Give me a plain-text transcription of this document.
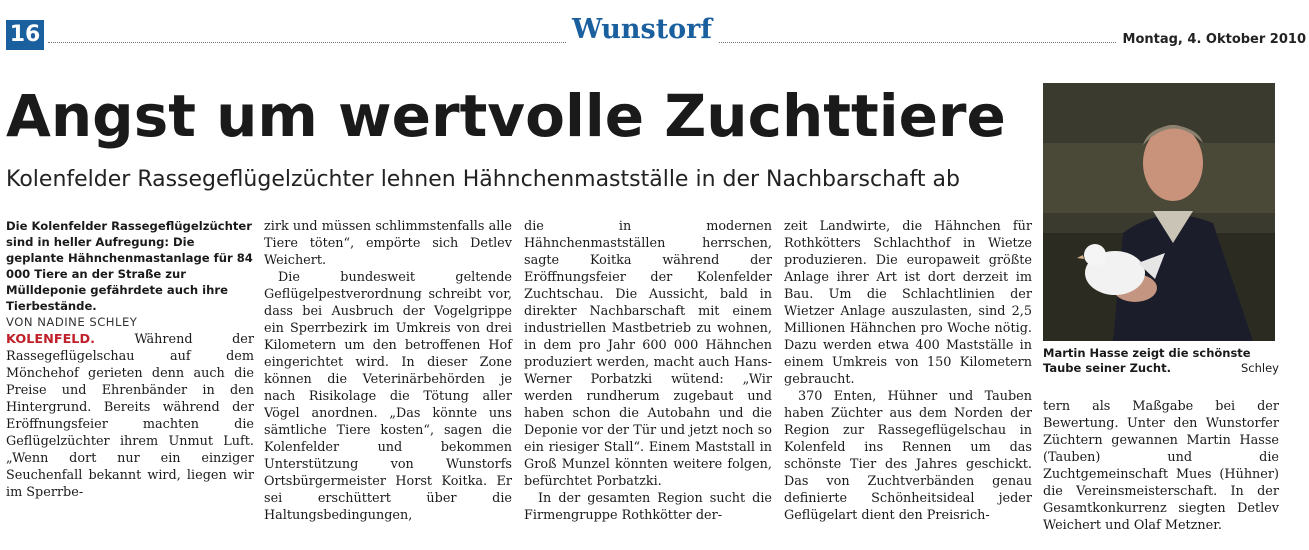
16	Wunstorf	Montag, 4. Oktober 2010
Angst um wertvolle Zuchttiere
Kolenfelder Rassegeflügelzüchter lehnen Hähnchenmastställe in der Nachbarschaft ab
Martin Hasse zeigt die schönste Taube seiner Zucht.	Schley

Die Kolenfelder Rassegeflügelzüchter sind in heller Aufregung: Die geplante Hähnchenmastanlage für 84 000 Tiere an der Straße zur Mülldeponie gefährdete auch ihre Tierbestände.

VON NADINE SCHLEY

KOLENFELD.	Während der Rassegeflügelschau auf dem Mönchehof gerieten denn auch die Preise und Ehrenbänder in den Hintergrund. Bereits während der Eröffnungsfeier machten die Geflügelzüchter ihrem Unmut Luft. „Wenn dort nur ein einziger Seuchenfall bekannt wird, liegen wir im Sperrbe-

zirk und müssen schlimmstenfalls alle Tiere töten“, empörte sich Detlev Weichert.

Die bundesweit geltende Geflügelpestverordnung schreibt vor, dass bei Ausbruch der Vogelgrippe ein Sperrbezirk im Umkreis von drei Kilometern um den betroffenen Hof eingerichtet wird. In dieser Zone können die Veterinärbehörden je nach Risikolage die Tötung aller Vögel anordnen. „Das könnte uns sämtliche Tiere kosten“, sagen die Kolenfelder und bekommen Unterstützung von Wunstorfs Ortsbürgermeister Horst Koitka. Er sei erschüttert über die Haltungsbedingungen,

die in modernen Hähnchenmastställen herrschen, sagte Koitka während der Eröffnungsfeier der Kolenfelder Zuchtschau. Die Aussicht, bald in direkter Nachbarschaft mit einem industriellen Mastbetrieb zu wohnen, in dem pro Jahr 600 000 Hähnchen produziert werden, macht auch Hans-Werner Porbatzki wütend: „Wir werden rundherum zugebaut und haben schon die Autobahn und die Deponie vor der Tür und jetzt noch so ein riesiger Stall“. Einem Maststall in Groß Munzel könnten weitere folgen, befürchtet Porbatzki.

In der gesamten Region sucht die Firmengruppe Rothkötter der-

zeit Landwirte, die Hähnchen für Rothkötters Schlachthof in Wietze produzieren. Die europaweit größte Anlage ihrer Art ist dort derzeit im Bau. Um die Schlachtlinien der Wietzer Anlage auszulasten, sind 2,5 Millionen Hähnchen pro Woche nötig. Dazu werden etwa 400 Mastställe in einem Umkreis von 150 Kilometern gebraucht.

370 Enten, Hühner und Tauben haben Züchter aus dem Norden der Region zur Rassegeflügelschau in Kolenfeld ins Rennen um das schönste Tier des Jahres geschickt. Das von Zuchtverbänden genau definierte Schönheitsideal jeder Geflügelart dient den Preisrich-

tern als Maßgabe bei der Bewertung. Unter den Wunstorfer Züchtern gewannen Martin Hasse (Tauben) und die Zuchtgemeinschaft Mues (Hühner) die Vereinsmeisterschaft. In der Gesamtkonkurrenz siegten Detlev Weichert und Olaf Metzner.
